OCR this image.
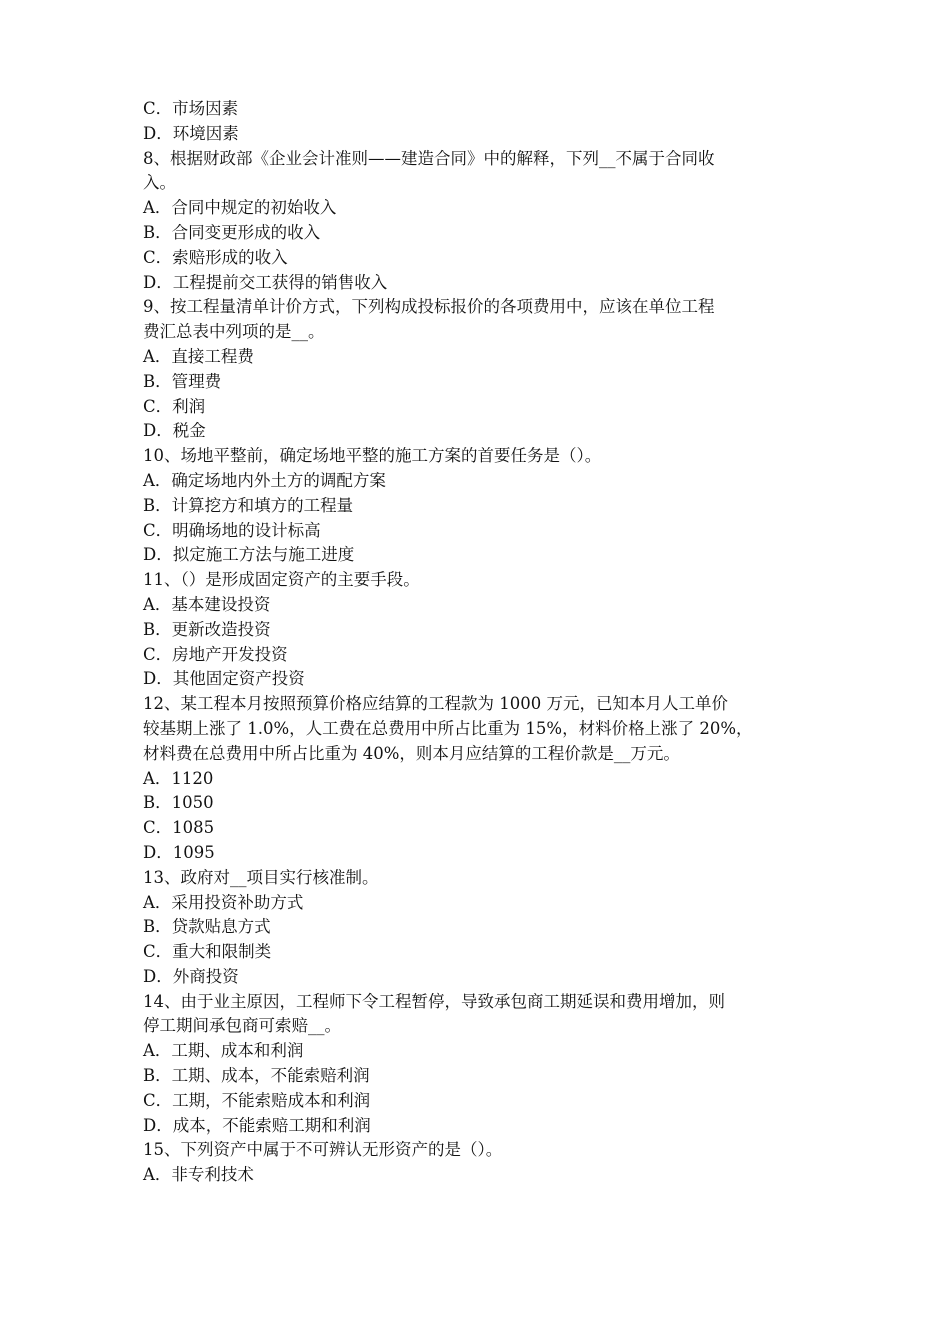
C．市场因素
D．环境因素
8、根据财政部《企业会计准则——建造合同》中的解释，下列__不属于合同收
入。
A．合同中规定的初始收入
B．合同变更形成的收入
C．索赔形成的收入
D．工程提前交工获得的销售收入
9、按工程量清单计价方式，下列构成投标报价的各项费用中，应该在单位工程
费汇总表中列项的是__。
A．直接工程费
B．管理费
C．利润
D．税金
10、场地平整前，确定场地平整的施工方案的首要任务是（）。
A．确定场地内外土方的调配方案
B．计算挖方和填方的工程量
C．明确场地的设计标高
D．拟定施工方法与施工进度
11、（）是形成固定资产的主要手段。
A．基本建设投资
B．更新改造投资
C．房地产开发投资
D．其他固定资产投资
12、某工程本月按照预算价格应结算的工程款为 1000 万元，已知本月人工单价
较基期上涨了 1.0%，人工费在总费用中所占比重为 15%，材料价格上涨了 20%，
材料费在总费用中所占比重为 40%，则本月应结算的工程价款是__万元。
A．1120
B．1050
C．1085
D．1095
13、政府对__项目实行核准制。
A．采用投资补助方式
B．贷款贴息方式
C．重大和限制类
D．外商投资
14、由于业主原因，工程师下令工程暂停，导致承包商工期延误和费用增加，则
停工期间承包商可索赔__。
A．工期、成本和利润
B．工期、成本，不能索赔利润
C．工期，不能索赔成本和利润
D．成本，不能索赔工期和利润
15、下列资产中属于不可辨认无形资产的是（）。
A．非专利技术
